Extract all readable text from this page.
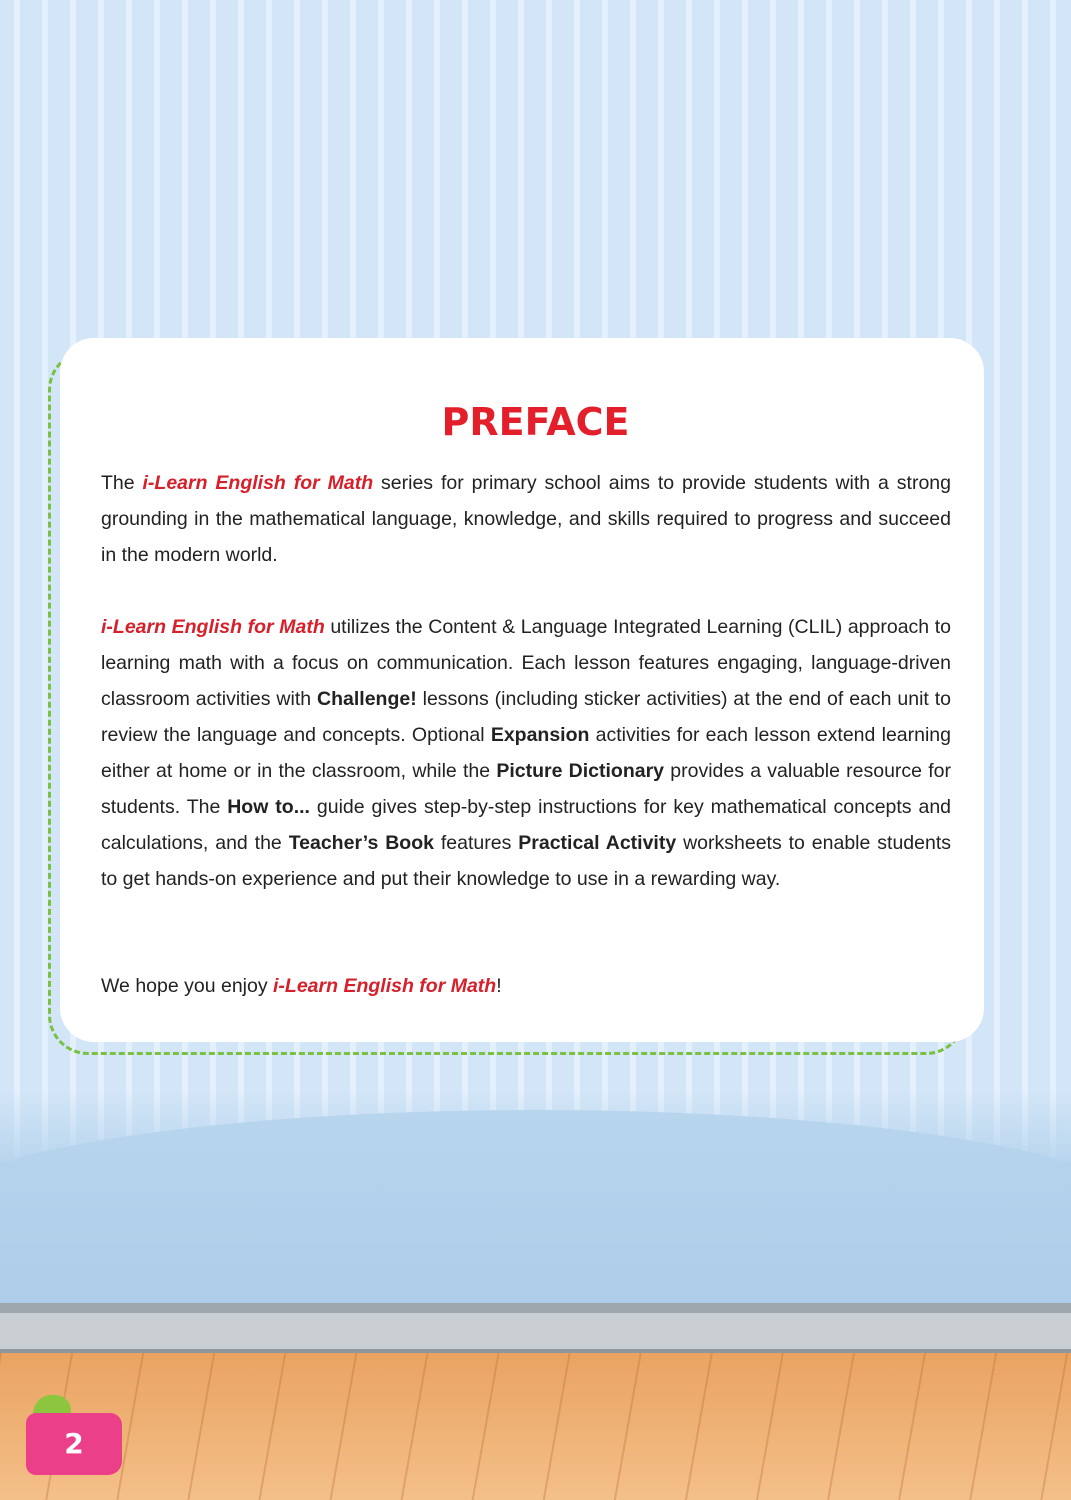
PREFACE
The i-Learn English for Math series for primary school aims to provide students with a strong grounding in the mathematical language, knowledge, and skills required to progress and succeed in the modern world.
i-Learn English for Math utilizes the Content & Language Integrated Learning (CLIL) approach to learning math with a focus on communication. Each lesson features engaging, language-driven classroom activities with Challenge! lessons (including sticker activities) at the end of each unit to review the language and concepts. Optional Expansion activities for each lesson extend learning either at home or in the classroom, while the Picture Dictionary provides a valuable resource for students. The How to... guide gives step-by-step instructions for key mathematical concepts and calculations, and the Teacher’s Book features Practical Activity worksheets to enable students to get hands-on experience and put their knowledge to use in a rewarding way.
We hope you enjoy i-Learn English for Math!
2
